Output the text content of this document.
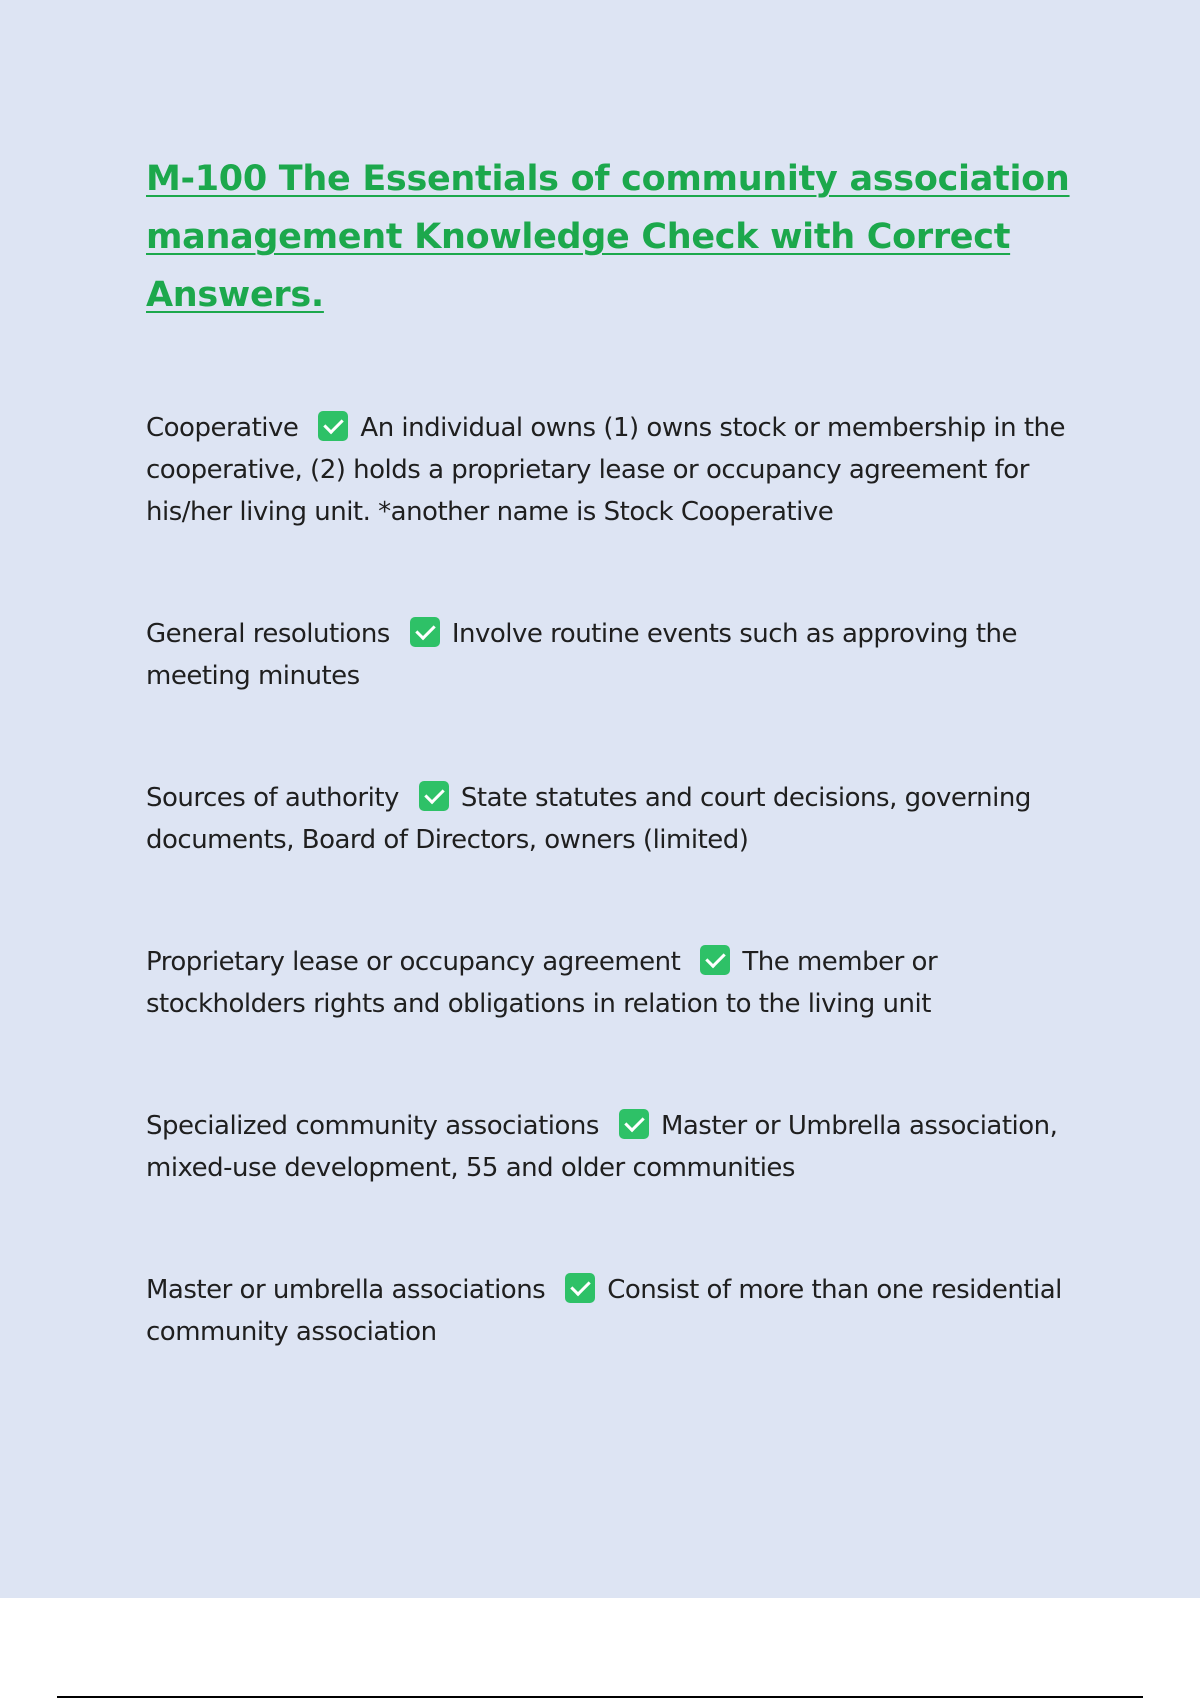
M-100 The Essentials of community association management Knowledge Check with Correct Answers.
Cooperative An individual owns (1) owns stock or membership in the cooperative, (2) holds a proprietary lease or occupancy agreement for his/her living unit. *another name is Stock Cooperative
General resolutions Involve routine events such as approving the meeting minutes
Sources of authority State statutes and court decisions, governing documents, Board of Directors, owners (limited)
Proprietary lease or occupancy agreement The member or stockholders rights and obligations in relation to the living unit
Specialized community associations Master or Umbrella association, mixed-use development, 55 and older communities
Master or umbrella associations Consist of more than one residential community association
